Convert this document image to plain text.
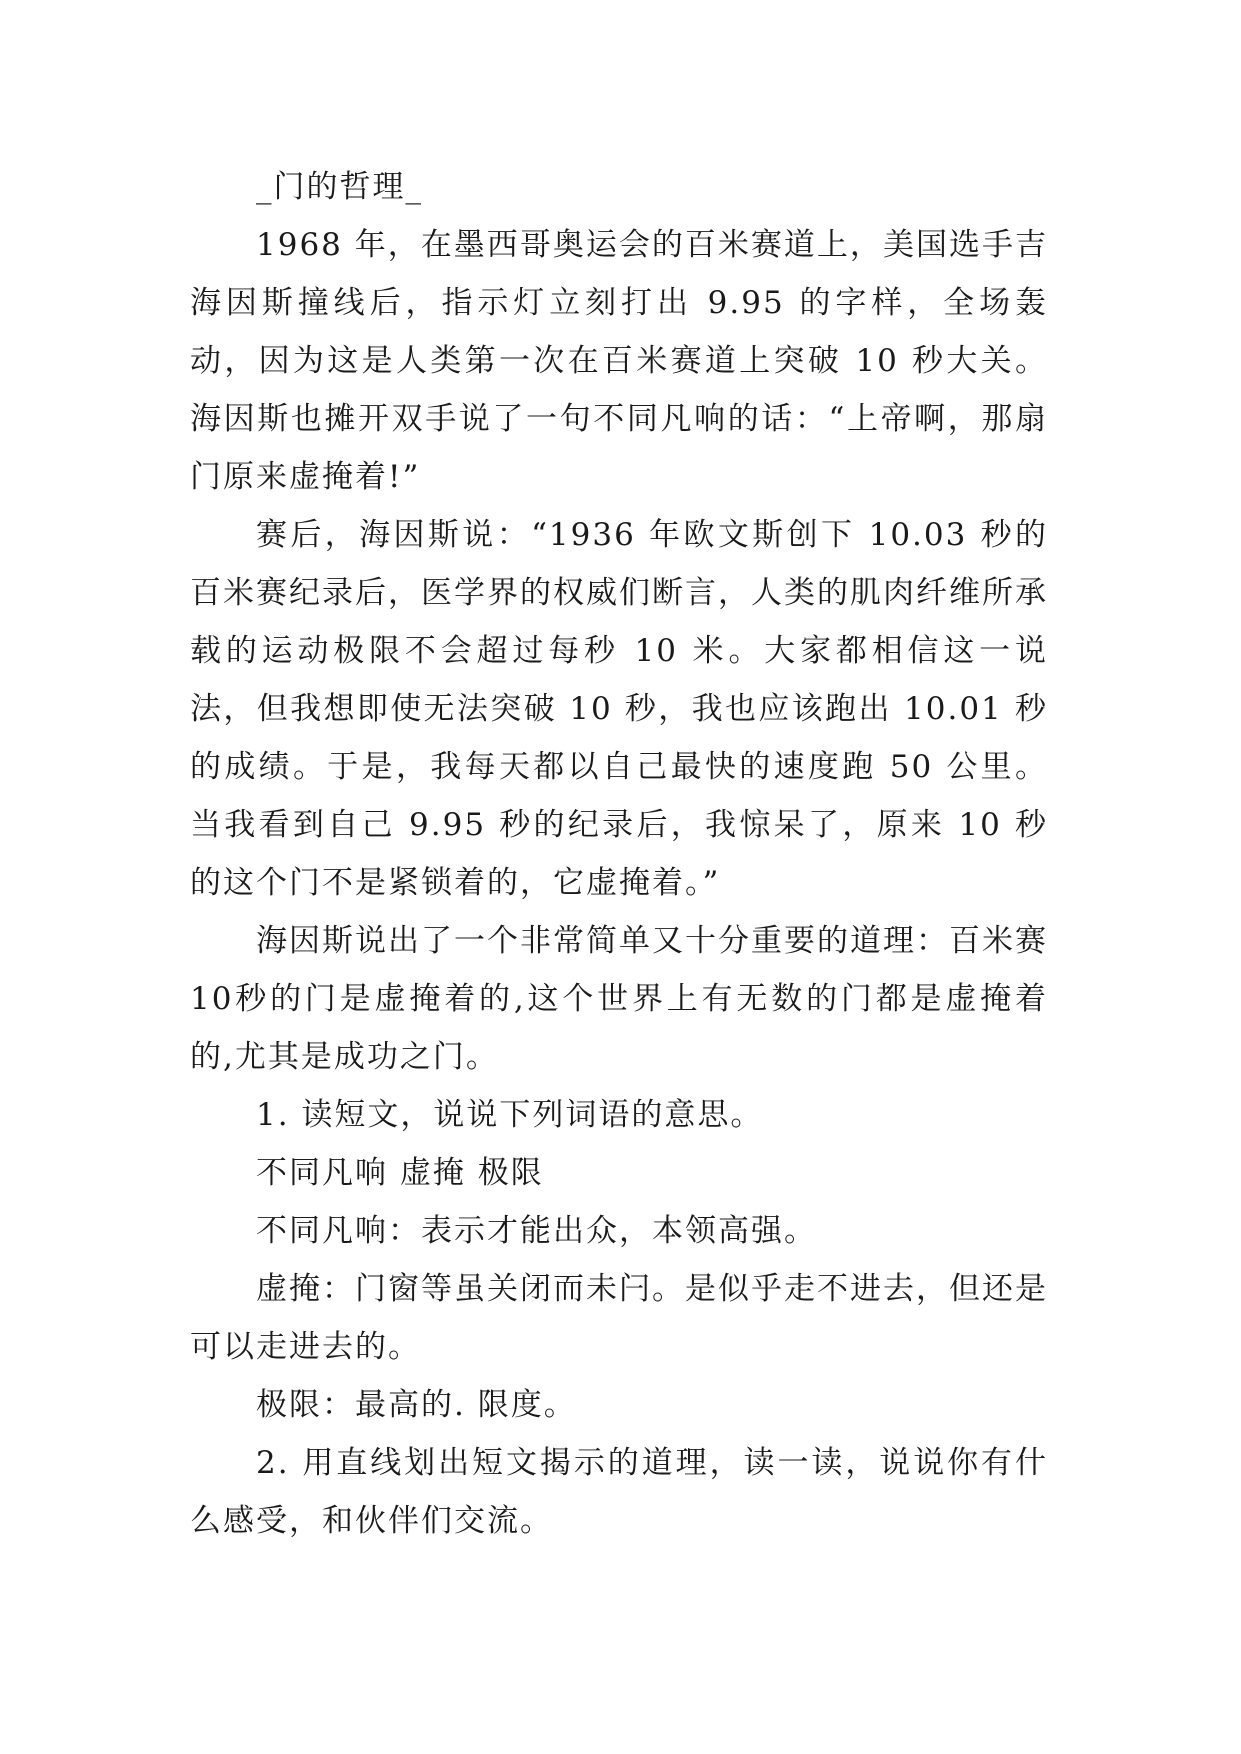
_门的哲理_

1968 年，在墨西哥奥运会的百米赛道上，美国选手吉海因斯撞线后，指示灯立刻打出 9.95 的字样，全场轰动，因为这是人类第一次在百米赛道上突破 10 秒大关。海因斯也摊开双手说了一句不同凡响的话：“上帝啊，那扇门原来虚掩着!”

赛后，海因斯说：“1936 年欧文斯创下 10.03 秒的百米赛纪录后，医学界的权威们断言，人类的肌肉纤维所承载的运动极限不会超过每秒 10 米。大家都相信这一说法，但我想即使无法突破 10 秒，我也应该跑出 10.01 秒的成绩。于是，我每天都以自己最快的速度跑 50 公里。当我看到自己 9.95 秒的纪录后，我惊呆了，原来 10 秒的这个门不是紧锁着的，它虚掩着。”

海因斯说出了一个非常简单又十分重要的道理：百米赛 10秒的门是虚掩着的,这个世界上有无数的门都是虚掩着的,尤其是成功之门。

1. 读短文，说说下列词语的意思。

不同凡响 虚掩 极限

不同凡响：表示才能出众，本领高强。

虚掩：门窗等虽关闭而未闩。是似乎走不进去，但还是可以走进去的。

极限：最高的. 限度。

2. 用直线划出短文揭示的道理，读一读，说说你有什么感受，和伙伴们交流。
